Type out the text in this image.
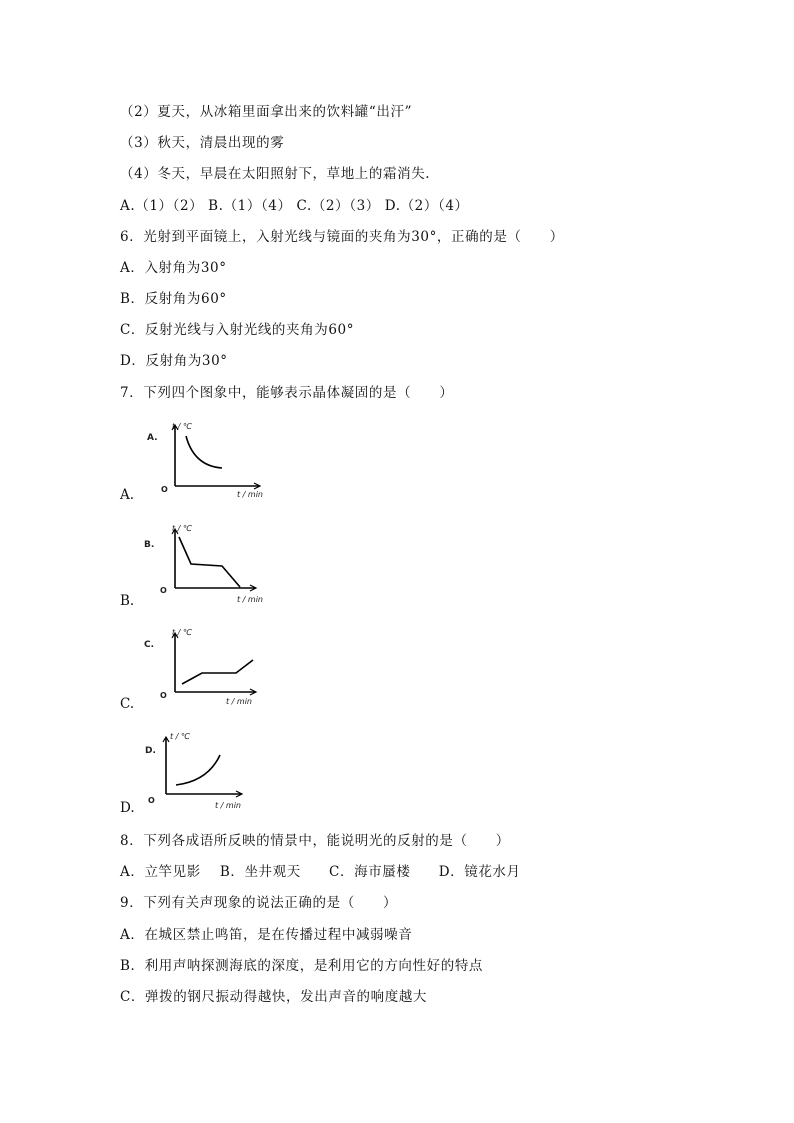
（2）夏天，从冰箱里面拿出来的饮料罐“出汗”
（3）秋天，清晨出现的雾
（4）冬天，早晨在太阳照射下，草地上的霜消失.
A.（1）（2） B.（1）（4） C.（2）（3） D.（2）（4）
6．光射到平面镜上，入射光线与镜面的夹角为30°，正确的是（　　）
A．入射角为30°
B．反射角为60°
C．反射光线与入射光线的夹角为60°
D．反射角为30°
7．下列四个图象中，能够表示晶体凝固的是（　　）
A.
t / ℃
A.
O
t / min
B.
t / ℃
B.
O
t / min
C.
t / ℃
C.
O
t / min
D.
t / ℃
D.
O
t / min
8．下列各成语所反映的情景中，能说明光的反射的是（　　）
A．立竿见影　 B．坐井观天　　C．海市蜃楼　　D．镜花水月
9．下列有关声现象的说法正确的是（　　）
A．在城区禁止鸣笛，是在传播过程中减弱噪音
B．利用声呐探测海底的深度，是利用它的方向性好的特点
C．弹拨的钢尺振动得越快，发出声音的响度越大
